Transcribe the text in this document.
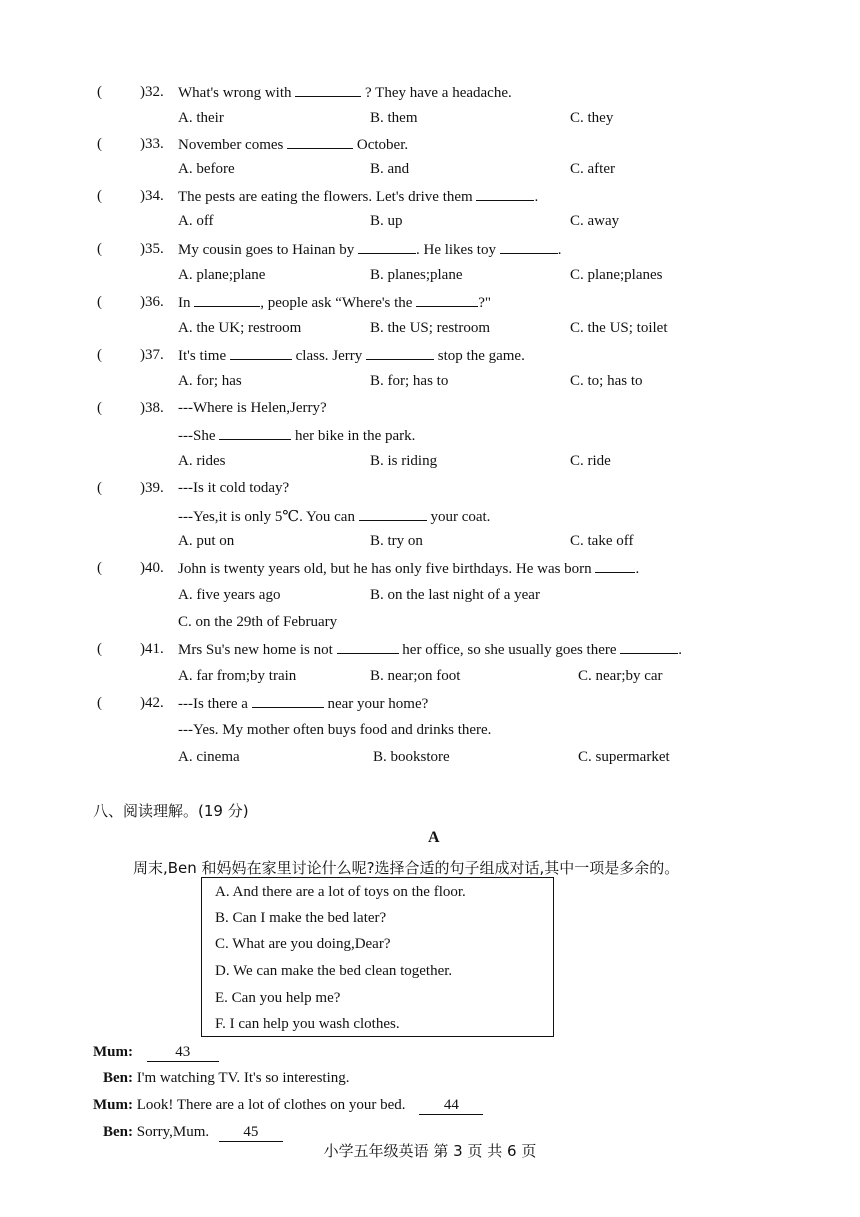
(	)32. What's wrong with	? They have a headache.
A. their	B. them	C. they
(	)33. November comes	October.
A. before	B. and	C. after
(	)34. The pests are eating the flowers. Let's drive them	.
A. off	B. up	C. away
(	)35. My cousin goes to Hainan by	. He likes toy	.
A. plane;plane	B. planes;plane	C. plane;planes
(	)36. In	, people ask “Where's the	?"
A. the UK; restroom	B. the US; restroom	C. the US; toilet
(	)37. It's time	class. Jerry	stop the game.
A. for; has	B. for; has to	C. to; has to
(	)38. ---Where is Helen,Jerry?
---She	her bike in the park.
A. rides	B. is riding	C. ride
(	)39. ---Is it cold today?
---Yes,it is only 5℃. You can	your coat.
A. put on	B. try on	C. take off
(	)40. John is twenty years old, but he has only five birthdays. He was born	.
A. five years ago	B. on the last night of a year
C. on the 29th of February
(	)41. Mrs Su's new home is not	her office, so she usually goes there	.
A. far from;by train	B. near;on foot	C. near;by car
(	)42. ---Is there a	near your home?
---Yes. My mother often buys food and drinks there.
A. cinema	B. bookstore	C. supermarket
八、阅读理解。(19 分)
A
周末,Ben 和妈妈在家里讨论什么呢?选择合适的句子组成对话,其中一项是多余的。
A. And there are a lot of toys on the floor.
B. Can I make the bed later?
C. What are you doing,Dear?
D. We can make the bed clean together.
E. Can you help me?
F. I can help you wash clothes.
Mum:	43
Ben: I'm watching TV. It's so interesting.
Mum: Look! There are a lot of clothes on your bed.	44
Ben: Sorry,Mum. 45
小学五年级英语 第 3 页 共 6 页
